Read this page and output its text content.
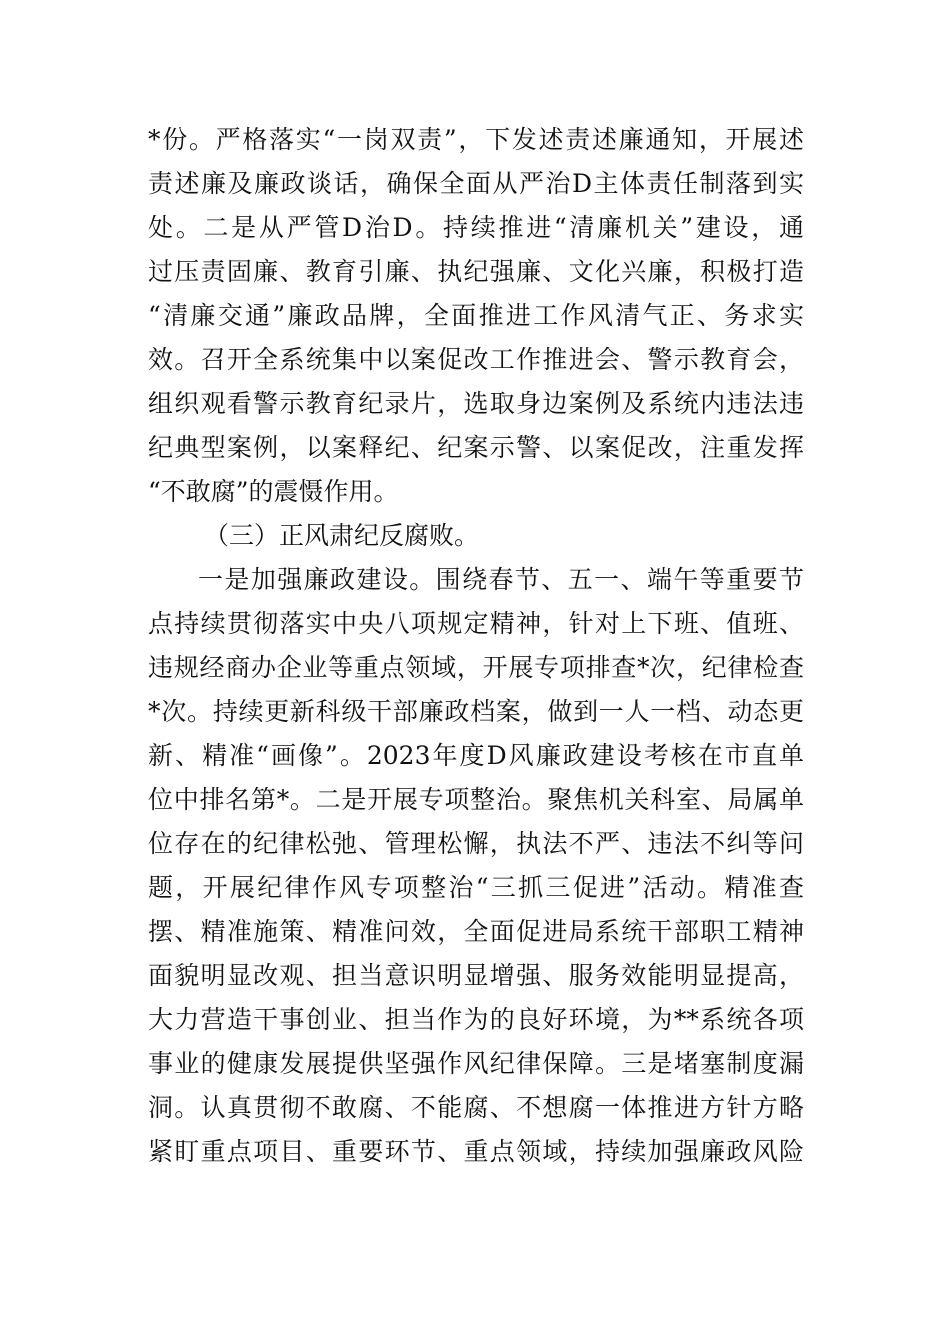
*份。严格落实“一岗双责”，下发述责述廉通知，开展述
责述廉及廉政谈话，确保全面从严治D主体责任制落到实
处。二是从严管D治D。持续推进“清廉机关”建设，通
过压责固廉、教育引廉、执纪强廉、文化兴廉，积极打造
“清廉交通”廉政品牌，全面推进工作风清气正、务求实
效。召开全系统集中以案促改工作推进会、警示教育会，
组织观看警示教育纪录片，选取身边案例及系统内违法违
纪典型案例，以案释纪、纪案示警、以案促改，注重发挥
“不敢腐”的震慑作用。
（三）正风肃纪反腐败。
一是加强廉政建设。围绕春节、五一、端午等重要节
点持续贯彻落实中央八项规定精神，针对上下班、值班、
违规经商办企业等重点领域，开展专项排查*次，纪律检查
*次。持续更新科级干部廉政档案，做到一人一档、动态更
新、精准“画像”。2023年度D风廉政建设考核在市直单
位中排名第*。二是开展专项整治。聚焦机关科室、局属单
位存在的纪律松弛、管理松懈，执法不严、违法不纠等问
题，开展纪律作风专项整治“三抓三促进”活动。精准查
摆、精准施策、精准问效，全面促进局系统干部职工精神
面貌明显改观、担当意识明显增强、服务效能明显提高，
大力营造干事创业、担当作为的良好环境，为**系统各项
事业的健康发展提供坚强作风纪律保障。三是堵塞制度漏
洞。认真贯彻不敢腐、不能腐、不想腐一体推进方针方略
紧盯重点项目、重要环节、重点领域，持续加强廉政风险
